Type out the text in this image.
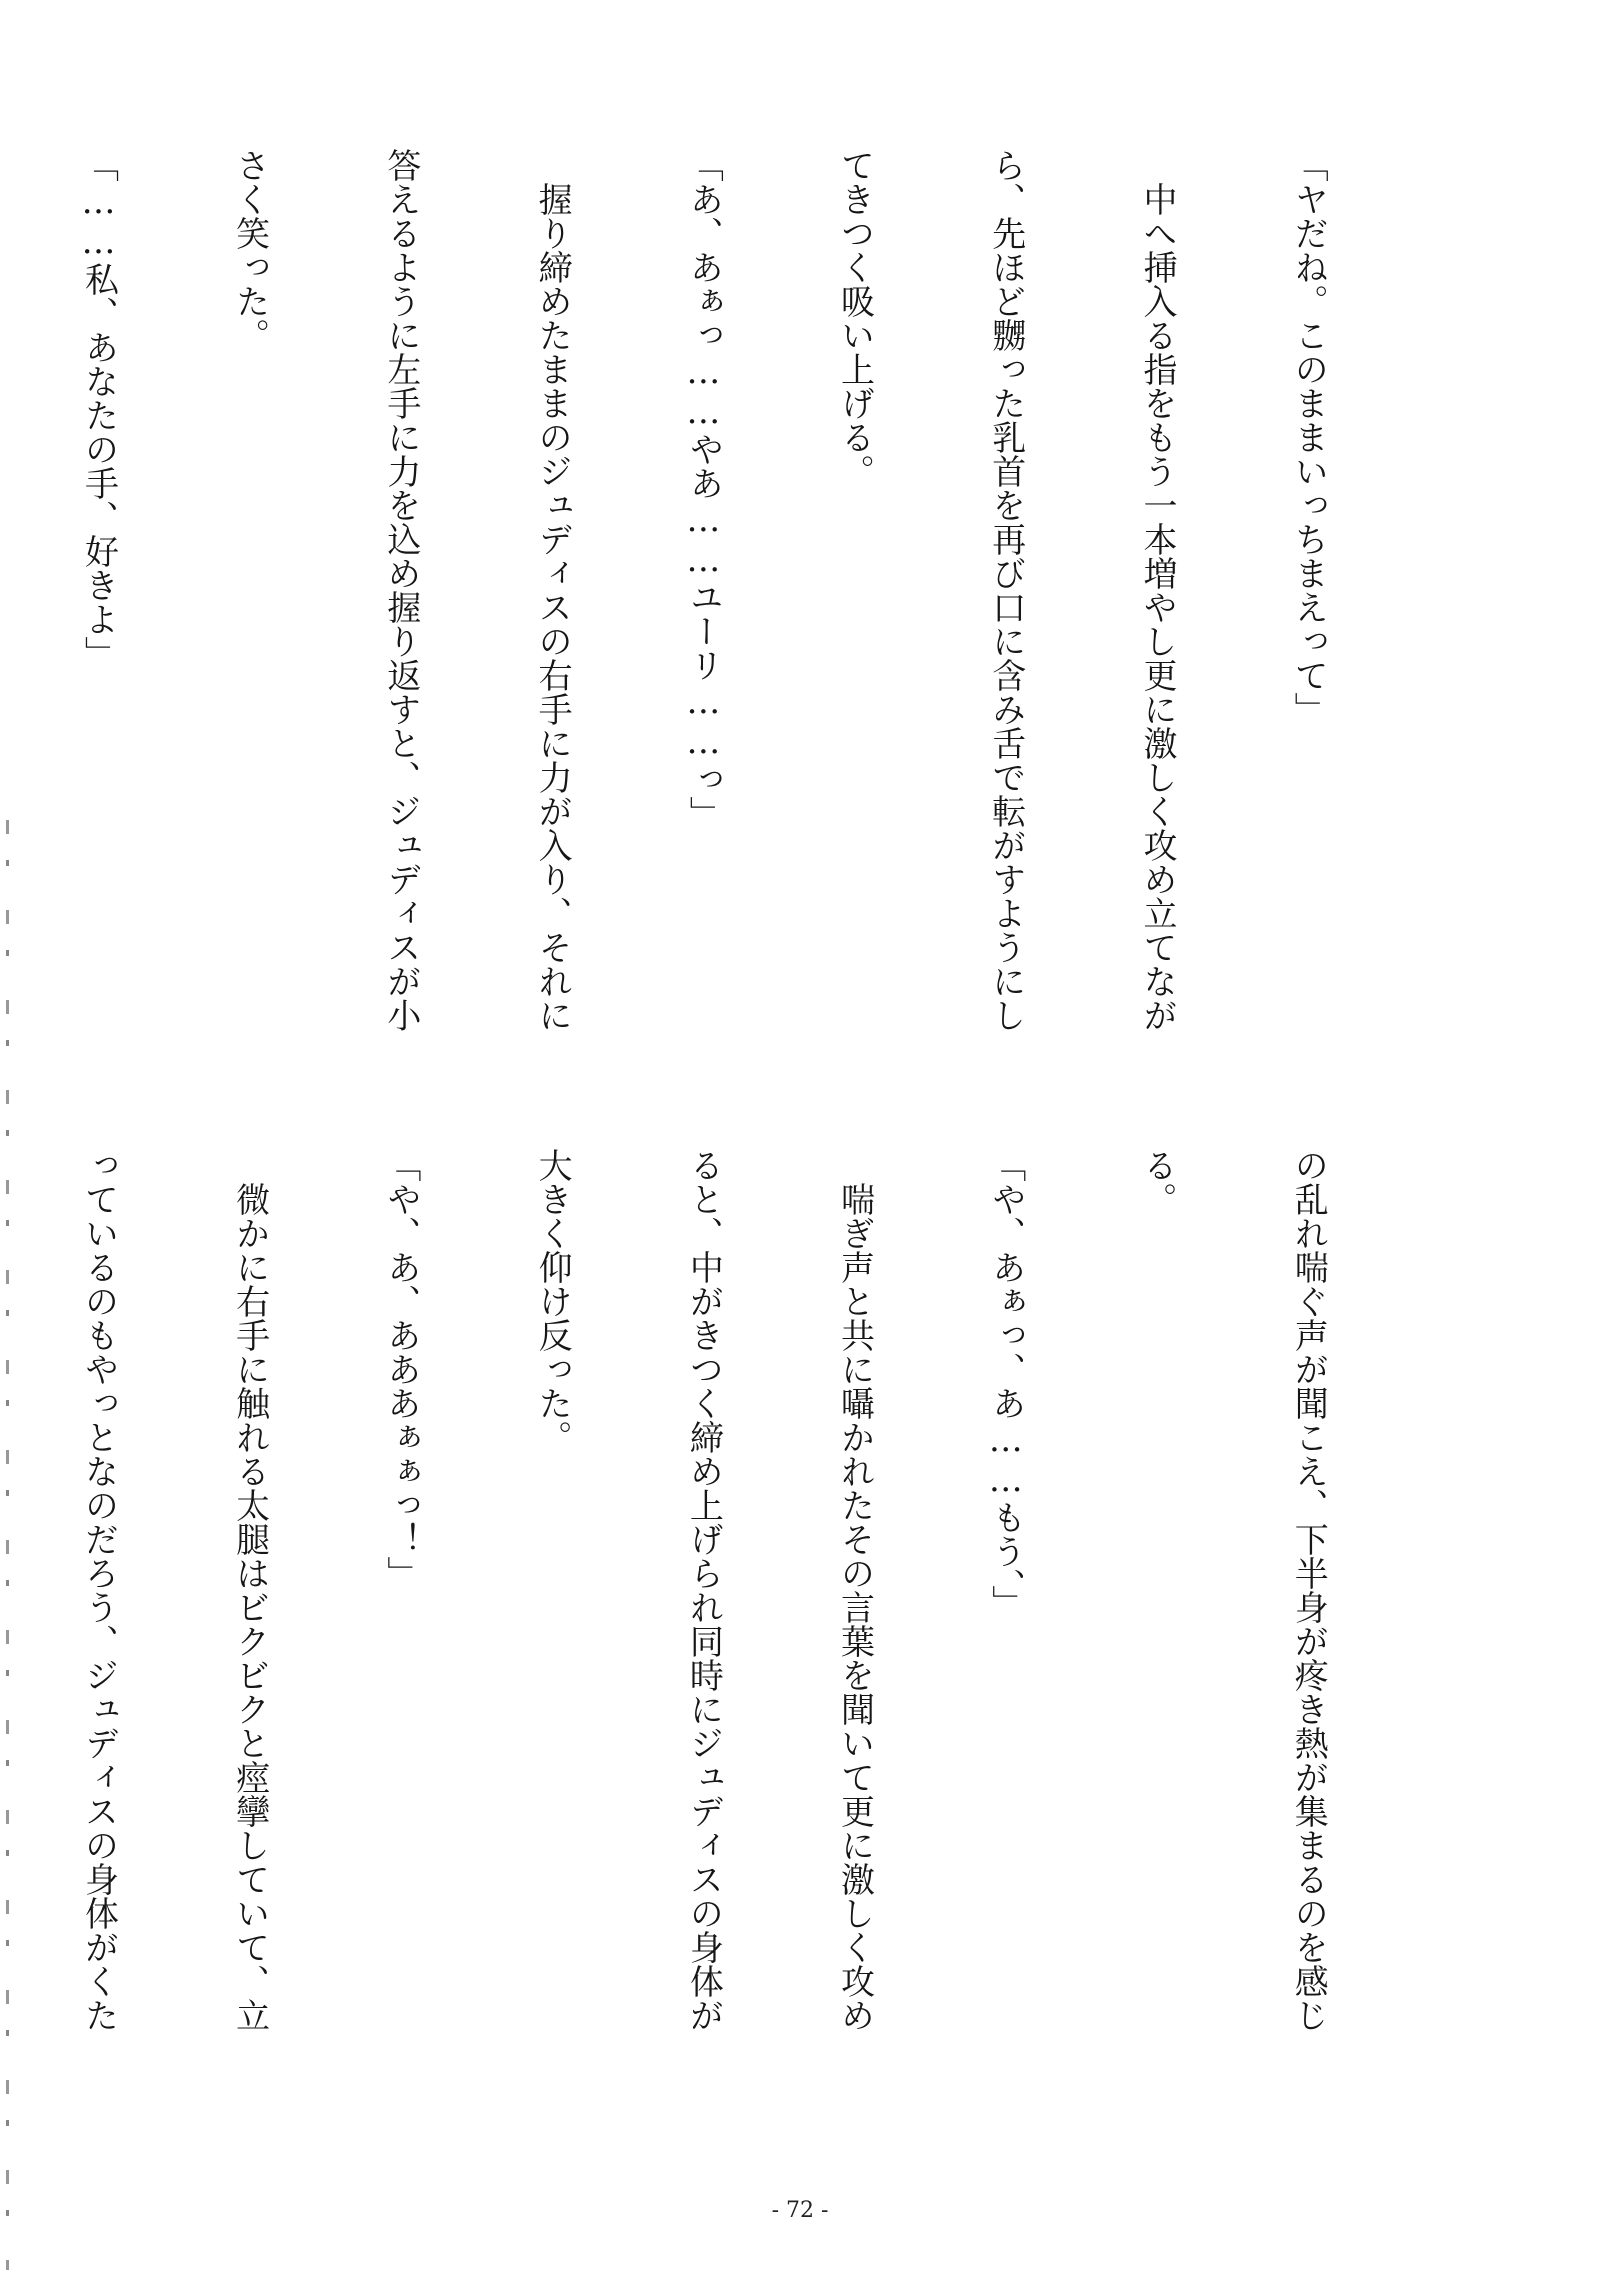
「ヤだね。このままいっちまえって」

　中へ挿入る指をもう一本増やし更に激しく攻め立てなが

ら、先ほど嬲った乳首を再び口に含み舌で転がすようにし

てきつく吸い上げる。

「あ、あぁっ……やあ……ユーリ……っ」

　握り締めたままのジュディスの右手に力が入り、それに

答えるように左手に力を込め握り返すと、ジュディスが小

さく笑った。

「……私、あなたの手、好きよ」

の乱れ喘ぐ声が聞こえ、下半身が疼き熱が集まるのを感じ

る。

「や、あぁっ、あ……もう、」

　喘ぎ声と共に囁かれたその言葉を聞いて更に激しく攻め

ると、中がきつく締め上げられ同時にジュディスの身体が

大きく仰け反った。

「や、あ、あああぁぁっ！」

　微かに右手に触れる太腿はビクビクと痙攣していて、立

っているのもやっとなのだろう、ジュディスの身体がくた

- 72 -
